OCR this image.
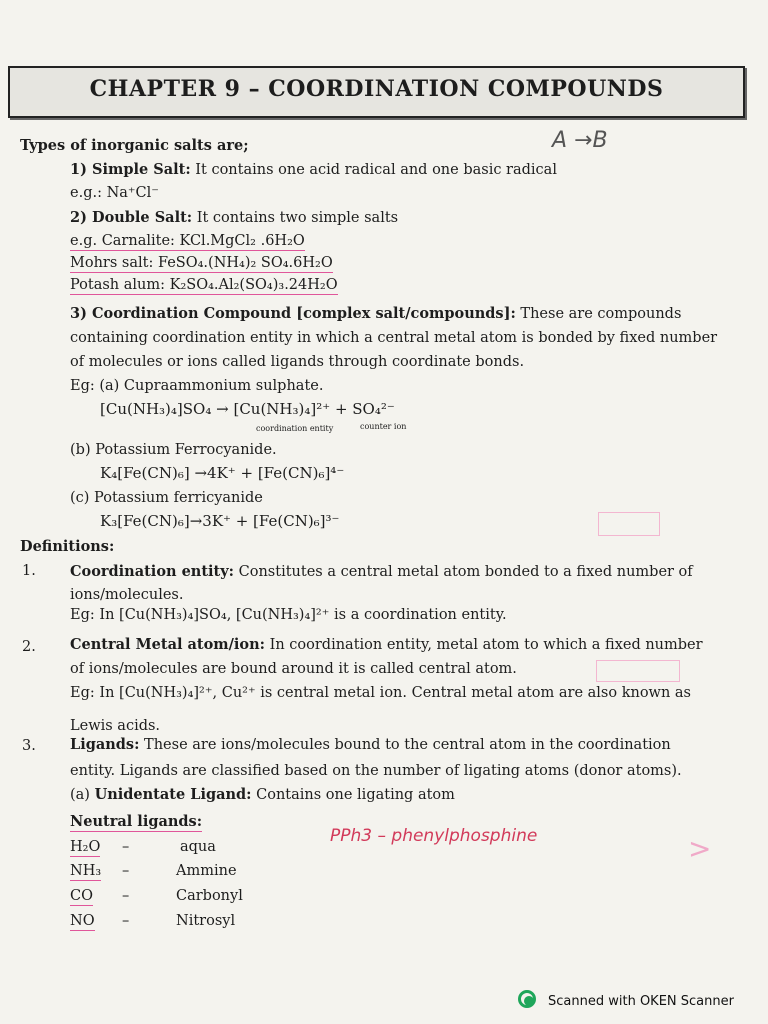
CHAPTER 9 – COORDINATION COMPOUNDS
A →B
Types of inorganic salts are;
1) Simple Salt: It contains one acid radical and one basic radical
e.g.: Na⁺Cl⁻
2) Double Salt: It contains two simple salts
e.g. Carnalite: KCl.MgCl₂ .6H₂O
Mohrs salt: FeSO₄.(NH₄)₂ SO₄.6H₂O
Potash alum: K₂SO₄.Al₂(SO₄)₃.24H₂O
3) Coordination Compound [complex salt/compounds]: These are compounds
containing coordination entity in which a central metal atom is bonded by fixed number
of molecules or ions called ligands through coordinate bonds.
Eg: (a) Cupraammonium sulphate.
[Cu(NH₃)₄]SO₄ → [Cu(NH₃)₄]²⁺ + SO₄²⁻
coordination entity	counter ion
(b) Potassium Ferrocyanide.
K₄[Fe(CN)₆] →4K⁺ + [Fe(CN)₆]⁴⁻
(c) Potassium ferricyanide
K₃[Fe(CN)₆]→3K⁺ + [Fe(CN)₆]³⁻
Definitions:
1. Coordination entity: Constitutes a central metal atom bonded to a fixed number of
ions/molecules.
Eg: In [Cu(NH₃)₄]SO₄, [Cu(NH₃)₄]²⁺ is a coordination entity.
2. Central Metal atom/ion: In coordination entity, metal atom to which a fixed number
of ions/molecules are bound around it is called central atom.
Eg: In [Cu(NH₃)₄]²⁺, Cu²⁺ is central metal ion. Central metal atom are also known as
Lewis acids.
3. Ligands: These are ions/molecules bound to the central atom in the coordination
entity. Ligands are classified based on the number of ligating atoms (donor atoms).
(a) Unidentate Ligand: Contains one ligating atom
Neutral ligands:
PPh3 – phenylphosphine	>
H₂O –	aqua
NH₃ –	Ammine
CO –	Carbonyl
NO –	Nitrosyl
Scanned with OKEN Scanner
